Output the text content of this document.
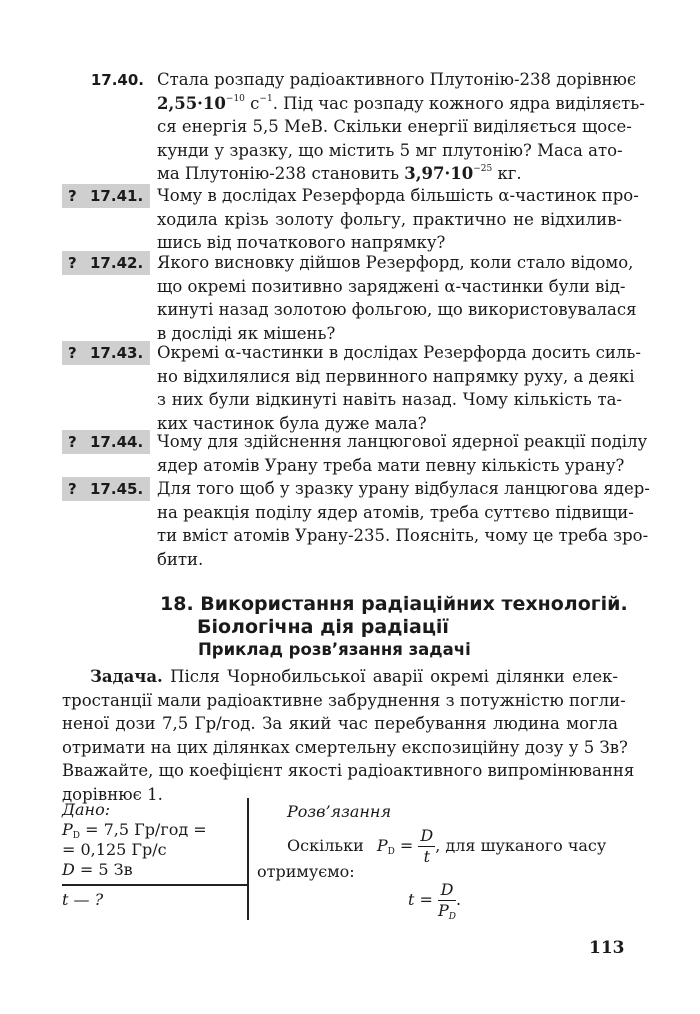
17.40. Стала розпаду радіоактивного Плутонію-238 дорівнює
$2,55\cdot 10^{-10}$ $с^{-1}$. Під час розпаду кожного ядра виділяєть-
ся енергія 5,5 МеВ. Скільки енергії виділяється щосе-
кунди у зразку, що містить 5 мг плутонію? Маса ато-
ма Плутонію-238 становить $3,97\cdot 10^{-25}$ кг.
? 17.41. Чому в дослідах Резерфорда більшість α-частинок про-
ходила крізь золоту фольгу, практично не відхилив-
шись від початкового напрямку?
? 17.42. Якого висновку дійшов Резерфорд, коли стало відомо,
що окремі позитивно заряджені α-частинки були від-
кинуті назад золотою фольгою, що використовувалася
в досліді як мішень?
? 17.43. Окремі α-частинки в дослідах Резерфорда досить силь-
но відхилялися від первинного напрямку руху, а деякі
з них були відкинуті навіть назад. Чому кількість та-
ких частинок була дуже мала?
? 17.44. Чому для здійснення ланцюгової ядерної реакції поділу
ядер атомів Урану треба мати певну кількість урану?
? 17.45. Для того щоб у зразку урану відбулася ланцюгова ядер-
на реакція поділу ядер атомів, треба суттєво підвищи-
ти вміст атомів Урану-235. Поясніть, чому це треба зро-
бити.
18. Використання радіаційних технологій.
Біологічна дія радіації
Приклад розв’язання задачі
Задача. Після Чорнобильської аварії окремі ділянки елек-
тростанції мали радіоактивне забруднення з потужністю погли-
неної дози 7,5 Гр/год. За який час перебування людина могла
отримати на цих ділянках смертельну експозиційну дозу у 5 Зв?
Вважайте, що коефіцієнт якості радіоактивного випромінювання
дорівнює 1.
Дано:
$P_D = 7,5$ Гр/год =
= 0,125 Гр/с
D = 5 Зв
t — ?
Розв’язання
Оскільки $P_D = \frac{D}{t}$ , для шуканого часу
отримуємо:
$t = \frac{D}{P_D}$ .
113
